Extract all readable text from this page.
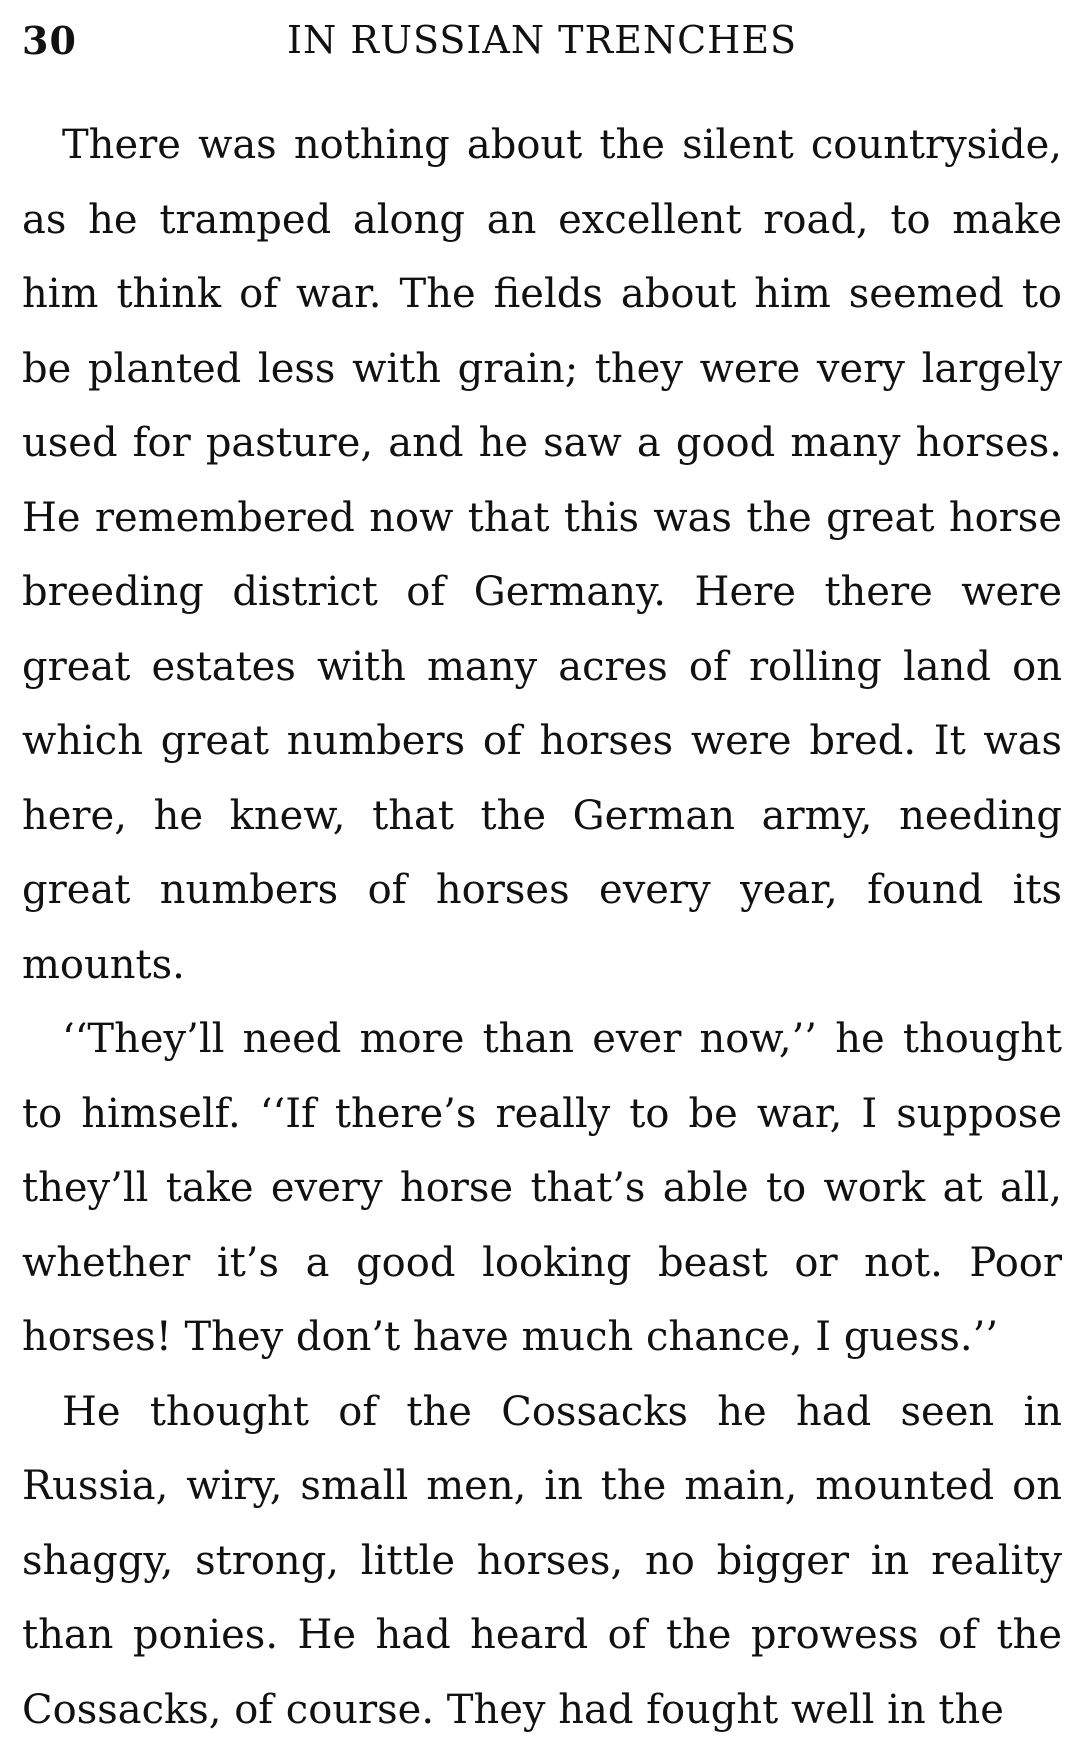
30	IN RUSSIAN TRENCHES

There was nothing about the silent countryside, as he tramped along an excellent road, to make him think of war. The fields about him seemed to be planted less with grain; they were very largely used for pasture, and he saw a good many horses. He remembered now that this was the great horse breeding district of Germany. Here there were great estates with many acres of rolling land on which great numbers of horses were bred. It was here, he knew, that the German army, needing great numbers of horses every year, found its mounts.

‘‘They’ll need more than ever now,’’ he thought to himself. ‘‘If there’s really to be war, I suppose they’ll take every horse that’s able to work at all, whether it’s a good looking beast or not. Poor horses! They don’t have much chance, I guess.’’

He thought of the Cossacks he had seen in Russia, wiry, small men, in the main, mounted on shaggy, strong, little horses, no bigger in reality than ponies. He had heard of the prowess of the Cossacks, of course. They had fought well in the
